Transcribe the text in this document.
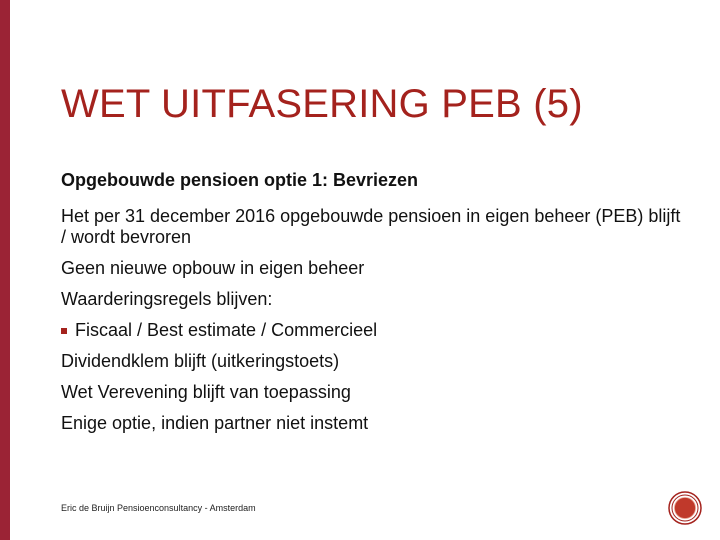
WET UITFASERING PEB (5)
Opgebouwde pensioen optie 1: Bevriezen
Het per 31 december 2016 opgebouwde pensioen in eigen beheer (PEB) blijft / wordt bevroren
Geen nieuwe opbouw in eigen beheer
Waarderingsregels blijven:
Fiscaal / Best estimate / Commercieel
Dividendklem blijft (uitkeringstoets)
Wet Verevening blijft van toepassing
Enige optie, indien partner niet instemt
Eric de Bruijn Pensioenconsultancy - Amsterdam
